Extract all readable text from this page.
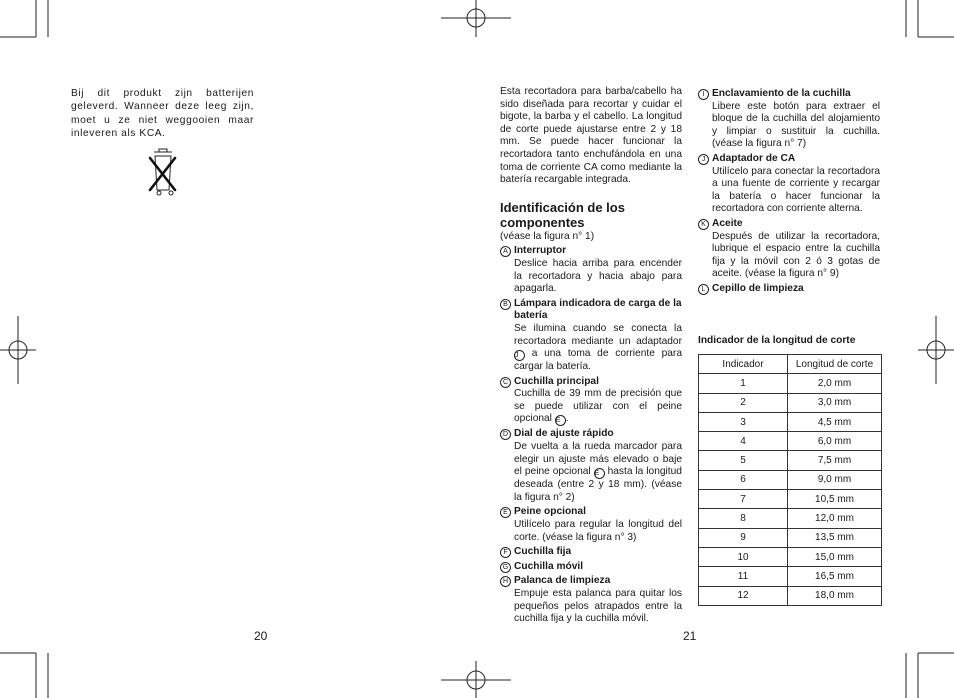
Bij dit produkt zijn batterijen geleverd. Wanneer deze leeg zijn, moet u ze niet weggooien maar inleveren als KCA.
20
Esta recortadora para barba/cabello ha sido diseñada para recortar y cuidar el bigote, la barba y el cabello. La longitud de corte puede ajustarse entre 2 y 18 mm. Se puede hacer funcionar la recortadora tanto enchufándola en una toma de corriente CA como mediante la batería recargable integrada.
Identificación de los componentes
(véase la figura n° 1)
A Interruptor
Deslice hacia arriba para encender la recortadora y hacia abajo para apagarla.
B Lámpara indicadora de carga de la batería
Se ilumina cuando se conecta la recortadora mediante un adaptador J a una toma de corriente para cargar la batería.
C Cuchilla principal
Cuchilla de 39 mm de precisión que se puede utilizar con el peine opcional E .
D Dial de ajuste rápido
De vuelta a la rueda marcador para elegir un ajuste más elevado o baje el peine opcional E hasta la longitud deseada (entre 2 y 18 mm). (véase la figura n° 2)
E Peine opcional
Utilícelo para regular la longitud del corte. (véase la figura n° 3)
F Cuchilla fija
G Cuchilla móvil
H Palanca de limpieza
Empuje esta palanca para quitar los pequeños pelos atrapados entre la cuchilla fija y la cuchilla móvil.
I Enclavamiento de la cuchilla
Libere este botón para extraer el bloque de la cuchilla del alojamiento y limpiar o sustituir la cuchilla. (véase la figura n° 7)
J Adaptador de CA
Utilícelo para conectar la recortadora a una fuente de corriente y recargar la batería o hacer funcionar la recortadora con corriente alterna.
K Aceite
Después de utilizar la recortadora, lubrique el espacio entre la cuchilla fija y la móvil con 2 ó 3 gotas de aceite. (véase la figura n° 9)
L Cepillo de limpieza
Indicador de la longitud de corte
Indicador	Longitud de corte
1	2,0 mm
2	3,0 mm
3	4,5 mm
4	6,0 mm
5	7,5 mm
6	9,0 mm
7	10,5 mm
8	12,0 mm
9	13,5 mm
10	15,0 mm
11	16,5 mm
12	18,0 mm
21
